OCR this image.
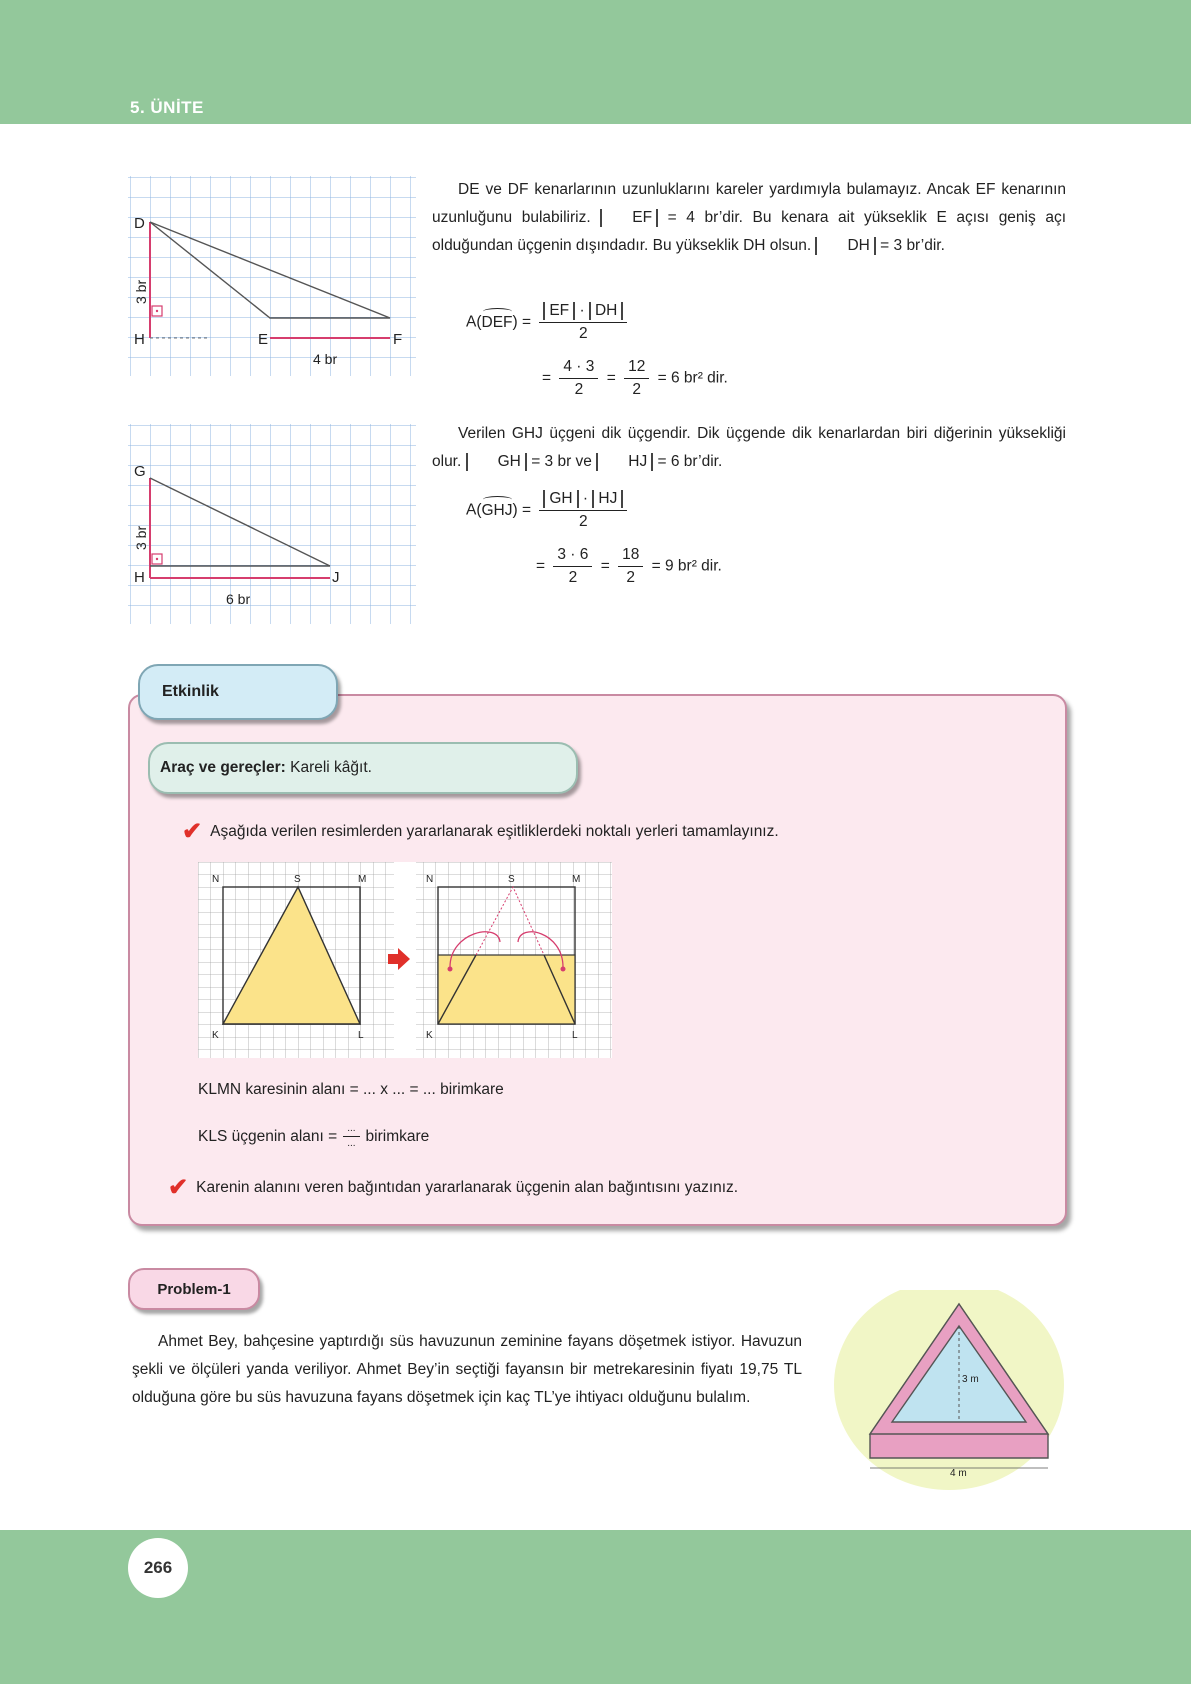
5. ÜNİTE
266
D
H	E	F
3 br
4 br

DE ve DF kenarlarının uzunluklarını kareler yardımıyla bulamayız. Ancak EF kenarının uzunluğunu bulabiliriz.	EF = 4 br’dir. Bu kenara ait yükseklik E açısı geniş açı olduğundan üçgenin dışındadır. Bu yükseklik DH olsun. DH = 3 br’dir.

$A(DEF) = \frac{EF \cdot DH}{2}$
= $\frac{4 \cdot 3}{2} = \frac{12}{2} = 6$ br² dir.
G
H	J
3 br
6 br

Verilen GHJ üçgeni dik üçgendir. Dik üçgende dik kenarlardan biri diğerinin yüksekliği olur. GH = 3 br ve HJ = 6 br’dir.

$A(GHJ) = \frac{GH \cdot HJ}{2}$
= $\frac{3 \cdot 6}{2} = \frac{18}{2} = 9$ br² dir.
Etkinlik
Araç ve gereçler:
Kareli kâğıt.
✔ Aşağıda verilen resimlerden yararlanarak eşitliklerdeki noktalı yerleri tamamlayınız.
N	S	M
K	L
N	S	M
K	L
KLMN karesinin alanı = ... x ... = ... birimkare
KLS üçgenin alanı = $\frac{...}{...}$ birimkare
✔ Karenin alanını veren bağıntıdan yararlanarak üçgenin alan bağıntısını yazınız.
Problem-1

Ahmet Bey, bahçesine yaptırdığı süs havuzunun zeminine fayans döşetmek istiyor. Havuzun şekli ve ölçüleri yanda veriliyor. Ahmet Bey’in seçtiği fayansın bir metrekaresinin fiyatı 19,75 TL olduğuna göre bu süs havuzuna fayans döşetmek için kaç TL’ye ihtiyacı olduğunu bulalım.

3 m
4 m
